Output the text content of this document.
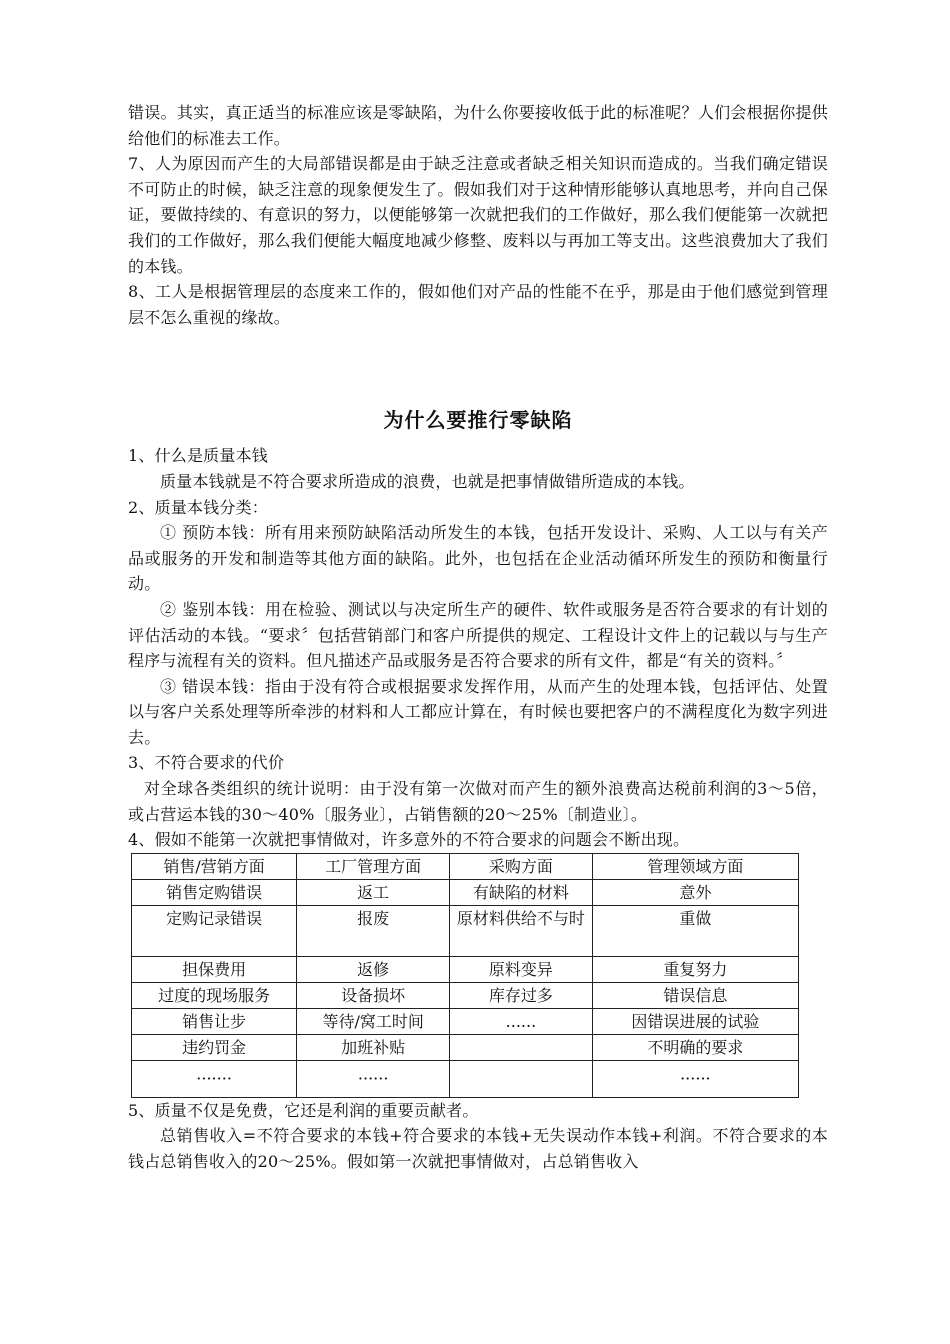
错误。其实，真正适当的标准应该是零缺陷，为什么你要接收低于此的标准呢？人们会根据你提供给他们的标准去工作。

7、人为原因而产生的大局部错误都是由于缺乏注意或者缺乏相关知识而造成的。当我们确定错误不可防止的时候，缺乏注意的现象便发生了。假如我们对于这种情形能够认真地思考，并向自己保证，要做持续的、有意识的努力，以便能够第一次就把我们的工作做好，那么我们便能第一次就把我们的工作做好，那么我们便能大幅度地减少修整、废料以与再加工等支出。这些浪费加大了我们的本钱。

8、工人是根据管理层的态度来工作的，假如他们对产品的性能不在乎，那是由于他们感觉到管理层不怎么重视的缘故。

为什么要推行零缺陷

1、什么是质量本钱

质量本钱就是不符合要求所造成的浪费，也就是把事情做错所造成的本钱。

2、质量本钱分类：

① 预防本钱：所有用来预防缺陷活动所发生的本钱，包括开发设计、采购、人工以与有关产品或服务的开发和制造等其他方面的缺陷。此外，也包括在企业活动循环所发生的预防和衡量行动。

② 鉴别本钱：用在检验、测试以与决定所生产的硬件、软件或服务是否符合要求的有计划的评估活动的本钱。“要求〞包括营销部门和客户所提供的规定、工程设计文件上的记载以与与生产程序与流程有关的资料。但凡描述产品或服务是否符合要求的所有文件，都是“有关的资料。〞

③ 错误本钱：指由于没有符合或根据要求发挥作用，从而产生的处理本钱，包括评估、处置以与客户关系处理等所牵涉的材料和人工都应计算在，有时候也要把客户的不满程度化为数字列进去。

3、不符合要求的代价

对全球各类组织的统计说明：由于没有第一次做对而产生的额外浪费高达税前利润的3～5倍，或占营运本钱的30～40%〔服务业〕，占销售额的20～25%〔制造业〕。

4、假如不能第一次就把事情做对，许多意外的不符合要求的问题会不断出现。

销售/营销方面	工厂管理方面	采购方面	管理领域方面
销售定购错误	返工	有缺陷的材料	意外
定购记录错误	报废	原材料供给不与时	重做
担保费用	返修	原料变异	重复努力
过度的现场服务	设备损坏	库存过多	错误信息
销售让步	等待/窝工时间	......	因错误进展的试验
违约罚金	加班补贴		不明确的要求
·······	······		······

5、质量不仅是免费，它还是利润的重要贡献者。

总销售收入=不符合要求的本钱+符合要求的本钱+无失误动作本钱+利润。不符合要求的本钱占总销售收入的20～25%。假如第一次就把事情做对，占总销售收入
